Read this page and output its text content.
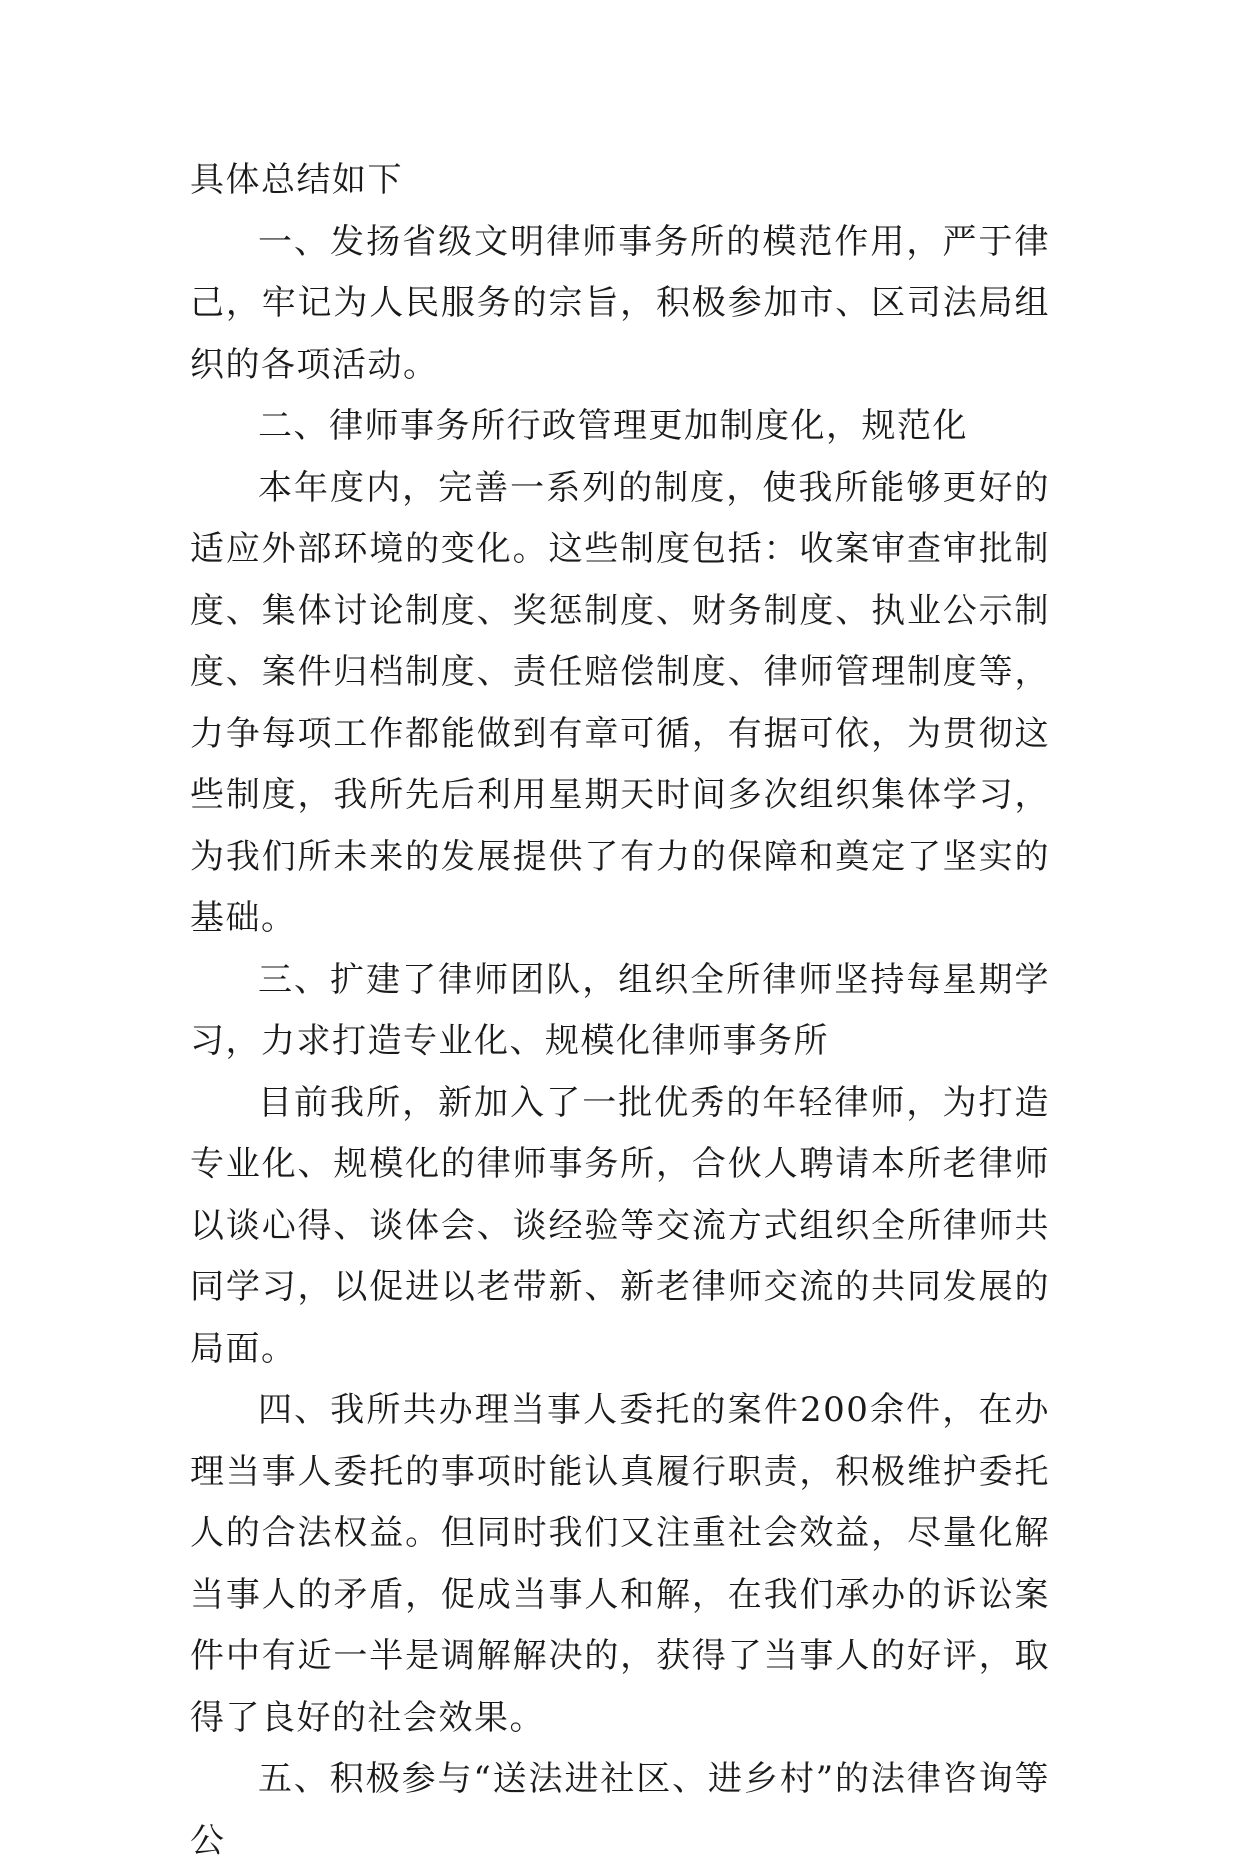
具体总结如下

一、发扬省级文明律师事务所的模范作用，严于律己，牢记为人民服务的宗旨，积极参加市、区司法局组织的各项活动。

二、律师事务所行政管理更加制度化，规范化

本年度内，完善一系列的制度，使我所能够更好的适应外部环境的变化。这些制度包括：收案审查审批制度、集体讨论制度、奖惩制度、财务制度、执业公示制度、案件归档制度、责任赔偿制度、律师管理制度等，力争每项工作都能做到有章可循，有据可依，为贯彻这些制度，我所先后利用星期天时间多次组织集体学习，为我们所未来的发展提供了有力的保障和奠定了坚实的基础。

三、扩建了律师团队，组织全所律师坚持每星期学习，力求打造专业化、规模化律师事务所

目前我所，新加入了一批优秀的年轻律师，为打造专业化、规模化的律师事务所，合伙人聘请本所老律师以谈心得、谈体会、谈经验等交流方式组织全所律师共同学习，以促进以老带新、新老律师交流的共同发展的局面。

四、我所共办理当事人委托的案件200余件，在办理当事人委托的事项时能认真履行职责，积极维护委托人的合法权益。但同时我们又注重社会效益，尽量化解当事人的矛盾，促成当事人和解，在我们承办的诉讼案件中有近一半是调解解决的，获得了当事人的好评，取得了良好的社会效果。

五、积极参与“送法进社区、进乡村”的法律咨询等公
